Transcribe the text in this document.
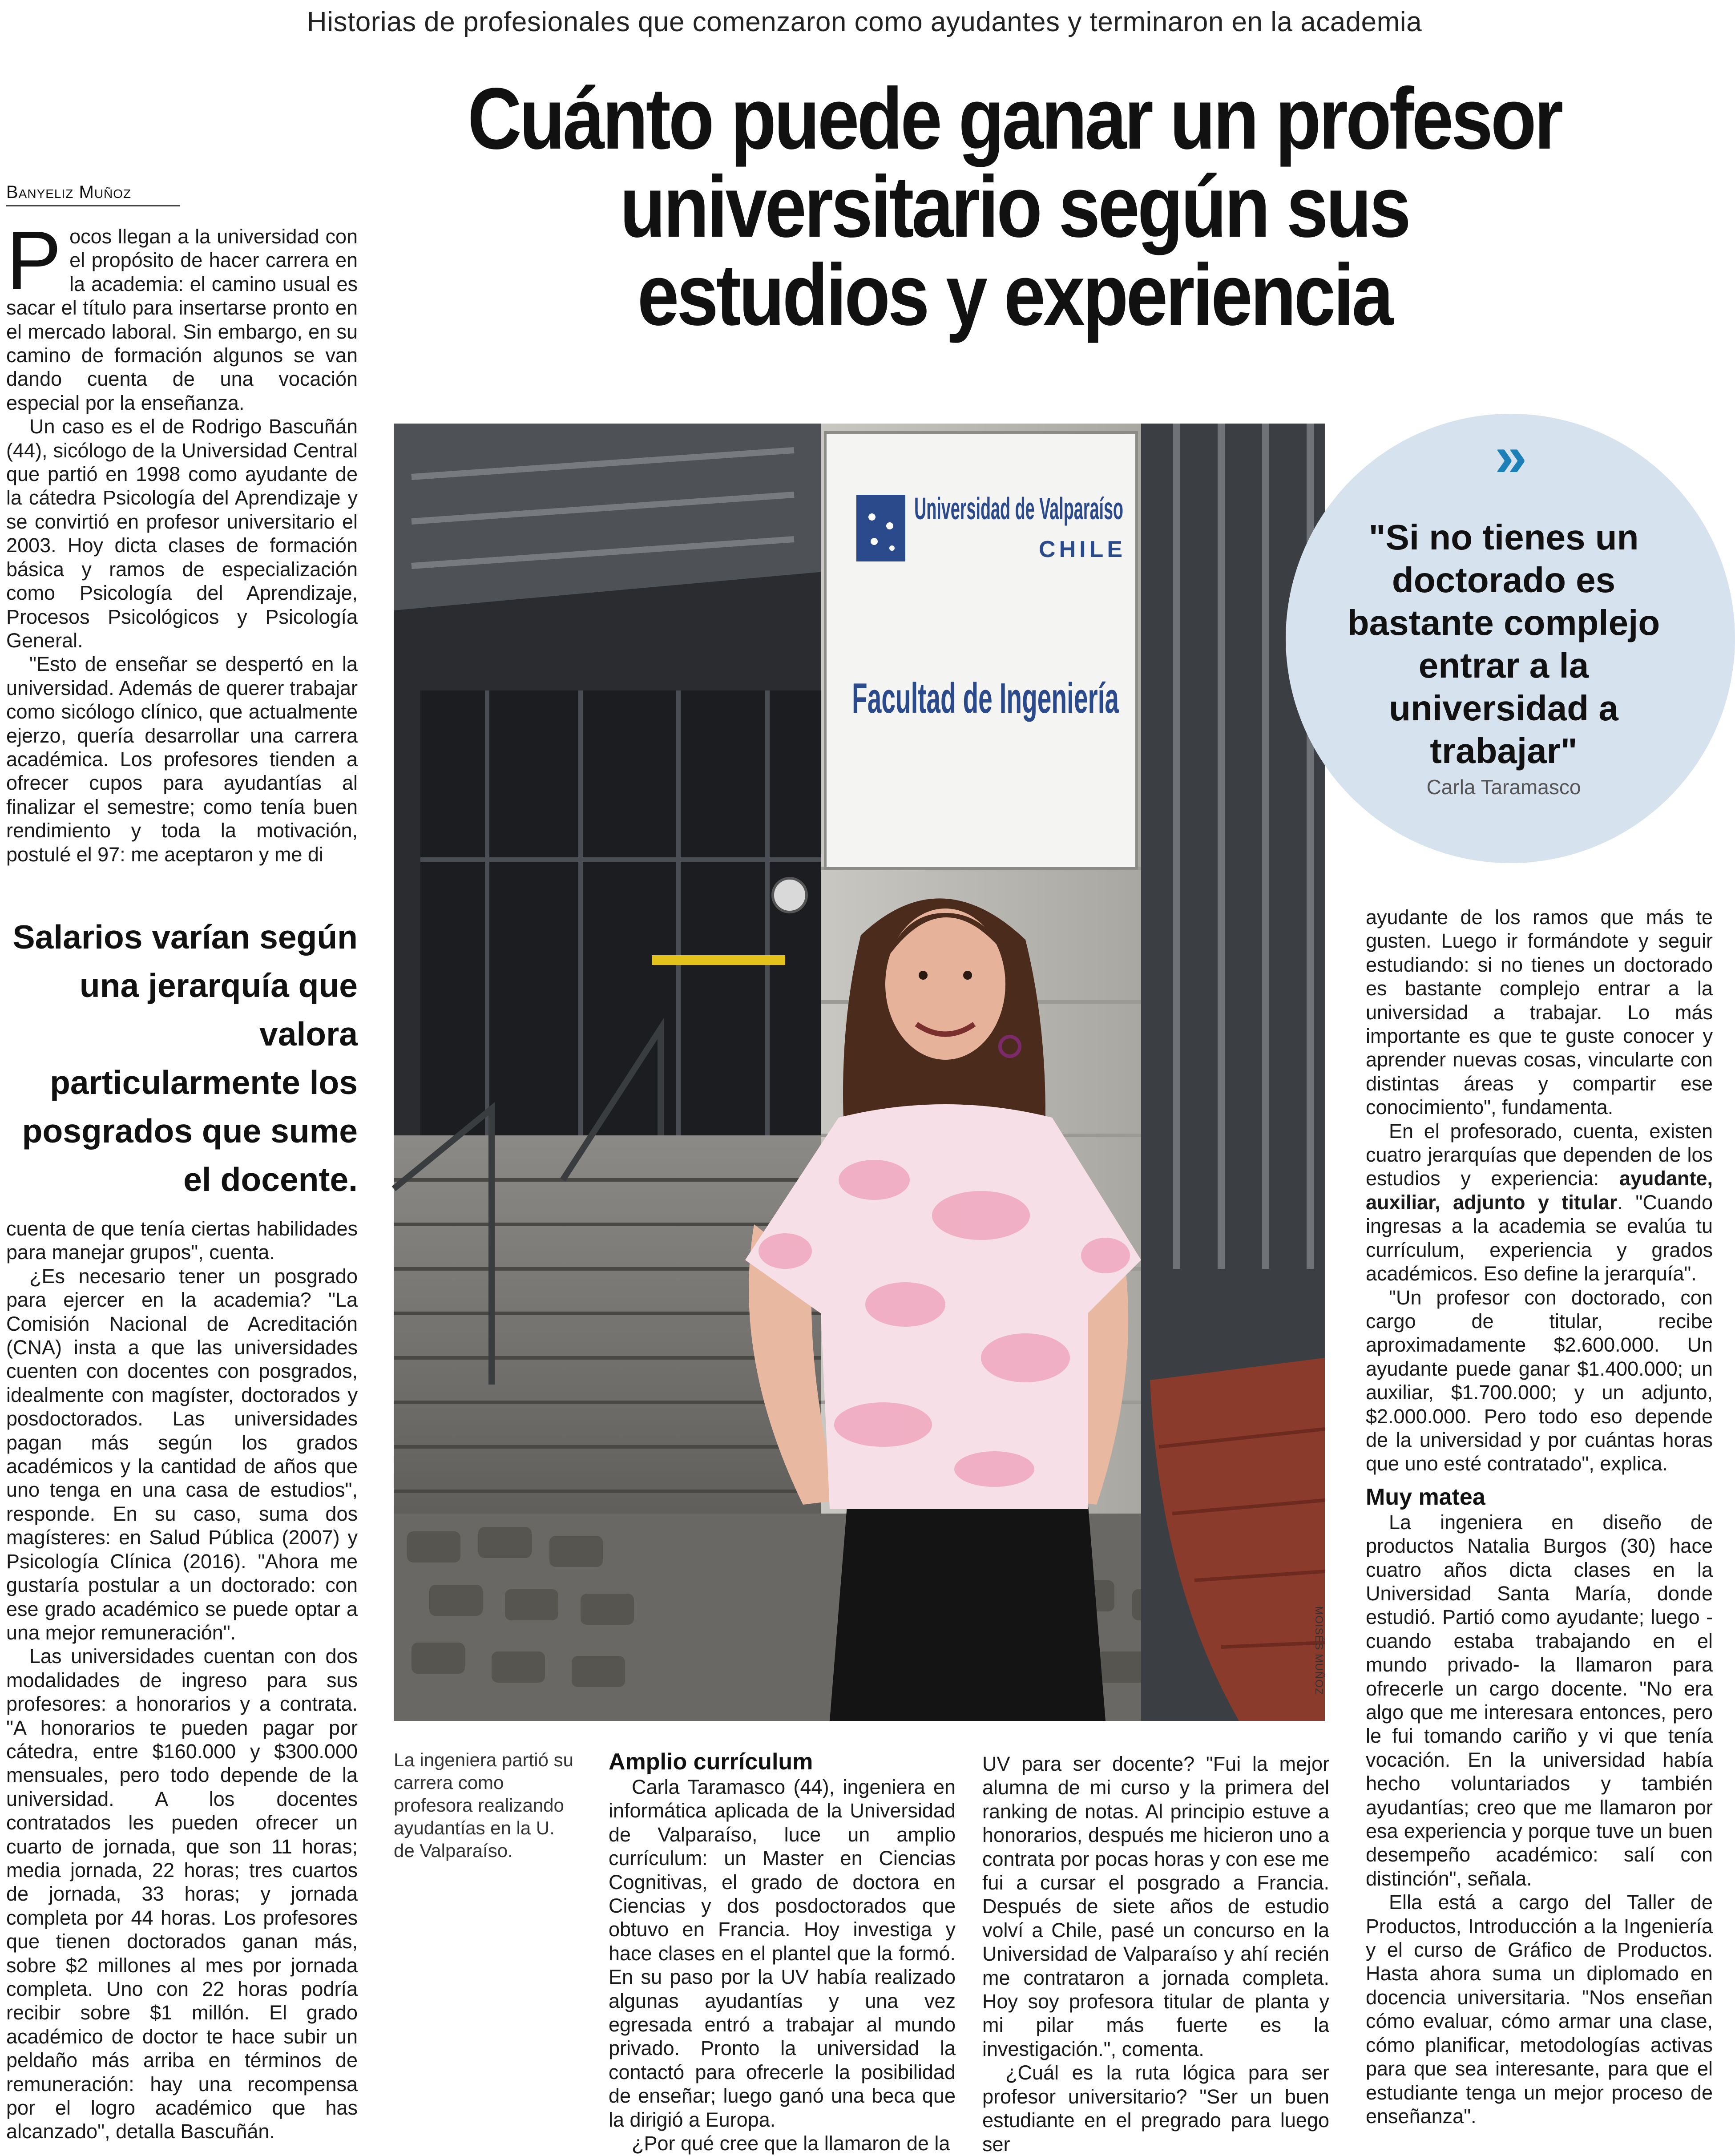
Historias de profesionales que comenzaron como ayudantes y terminaron en la academia
Cuánto puede ganar un profesor
universitario según sus
estudios y experiencia
Banyeliz Muñoz

Pocos llegan a la universidad con el propósito de hacer carrera en la academia: el camino usual es sacar el título para insertarse pronto en el mercado laboral. Sin embargo, en su camino de formación algunos se van dando cuenta de una vocación especial por la enseñanza.

Un caso es el de Rodrigo Bascuñán (44), sicólogo de la Universidad Central que partió en 1998 como ayudante de la cátedra Psicología del Aprendizaje y se convirtió en profesor universitario el 2003. Hoy dicta clases de formación básica y ramos de especialización como Psicología del Aprendizaje, Procesos Psicológicos y Psicología General.

"Esto de enseñar se despertó en la universidad. Además de querer trabajar como sicólogo clínico, que actualmente ejerzo, quería desarrollar una carrera académica. Los profesores tienden a ofrecer cupos para ayudantías al finalizar el semestre; como tenía buen rendimiento y toda la motivación, postulé el 97: me aceptaron y me di

Salarios varían según una jerarquía que valora particularmente los posgrados que sume el docente.

cuenta de que tenía ciertas habilidades para manejar grupos", cuenta.

¿Es necesario tener un posgrado para ejercer en la academia? "La Comisión Nacional de Acreditación (CNA) insta a que las universidades cuenten con docentes con posgrados, idealmente con magíster, doctorados y posdoctorados. Las universidades pagan más según los grados académicos y la cantidad de años que uno tenga en una casa de estudios", responde. En su caso, suma dos magísteres: en Salud Pública (2007) y Psicología Clínica (2016). "Ahora me gustaría postular a un doctorado: con ese grado académico se puede optar a una mejor remuneración".

Las universidades cuentan con dos modalidades de ingreso para sus profesores: a honorarios y a contrata. "A honorarios te pueden pagar por cátedra, entre $160.000 y $300.000 mensuales, pero todo depende de la universidad. A los docentes contratados les pueden ofrecer un cuarto de jornada, que son 11 horas; media jornada, 22 horas; tres cuartos de jornada, 33 horas; y jornada completa por 44 horas. Los profesores que tienen doctorados ganan más, sobre $2 millones al mes por jornada completa. Uno con 22 horas podría recibir sobre $1 millón. El grado académico de doctor te hace subir un peldaño más arriba en términos de remuneración: hay una recompensa por el logro académico que has alcanzado", detalla Bascuñán.

Universidad de Valparaíso
CHILE
Facultad de Ingeniería
MOISÉS MUÑOZ
La ingeniera partió su carrera como profesora realizando ayudantías en la U. de Valparaíso.
Amplio currículum

Carla Taramasco (44), ingeniera en informática aplicada de la Universidad de Valparaíso, luce un amplio currículum: un Master en Ciencias Cognitivas, el grado de doctora en Ciencias y dos posdoctorados que obtuvo en Francia. Hoy investiga y hace clases en el plantel que la formó. En su paso por la UV había realizado algunas ayudantías y una vez egresada entró a trabajar al mundo privado. Pronto la universidad la contactó para ofrecerle la posibilidad de enseñar; luego ganó una beca que la dirigió a Europa.

¿Por qué cree que la llamaron de la

UV para ser docente? "Fui la mejor alumna de mi curso y la primera del ranking de notas. Al principio estuve a honorarios, después me hicieron uno a contrata por pocas horas y con ese me fui a cursar el posgrado a Francia. Después de siete años de estudio volví a Chile, pasé un concurso en la Universidad de Valparaíso y ahí recién me contrataron a jornada completa. Hoy soy profesora titular de planta y mi pilar más fuerte es la investigación.", comenta.

¿Cuál es la ruta lógica para ser profesor universitario? "Ser un buen estudiante en el pregrado para luego ser

»
"Si no tienes un doctorado es bastante complejo entrar a la universidad a trabajar"
Carla Taramasco

ayudante de los ramos que más te gusten. Luego ir formándote y seguir estudiando: si no tienes un doctorado es bastante complejo entrar a la universidad a trabajar. Lo más importante es que te guste conocer y aprender nuevas cosas, vincularte con distintas áreas y compartir ese conocimiento", fundamenta.

En el profesorado, cuenta, existen cuatro jerarquías que dependen de los estudios y experiencia: ayudante, auxiliar, adjunto y titular. "Cuando ingresas a la academia se evalúa tu currículum, experiencia y grados académicos. Eso define la jerarquía".

"Un profesor con doctorado, con cargo de titular, recibe aproximadamente $2.600.000. Un ayudante puede ganar $1.400.000; un auxiliar, $1.700.000; y un adjunto, $2.000.000. Pero todo eso depende de la universidad y por cuántas horas que uno esté contratado", explica.

Muy matea

La ingeniera en diseño de productos Natalia Burgos (30) hace cuatro años dicta clases en la Universidad Santa María, donde estudió. Partió como ayudante; luego -cuando estaba trabajando en el mundo privado- la llamaron para ofrecerle un cargo docente. "No era algo que me interesara entonces, pero le fui tomando cariño y vi que tenía vocación. En la universidad había hecho voluntariados y también ayudantías; creo que me llamaron por esa experiencia y porque tuve un buen desempeño académico: salí con distinción", señala.

Ella está a cargo del Taller de Productos, Introducción a la Ingeniería y el curso de Gráfico de Productos. Hasta ahora suma un diplomado en docencia universitaria. "Nos enseñan cómo evaluar, cómo armar una clase, cómo planificar, metodologías activas para que sea interesante, para que el estudiante tenga un mejor proceso de enseñanza".
